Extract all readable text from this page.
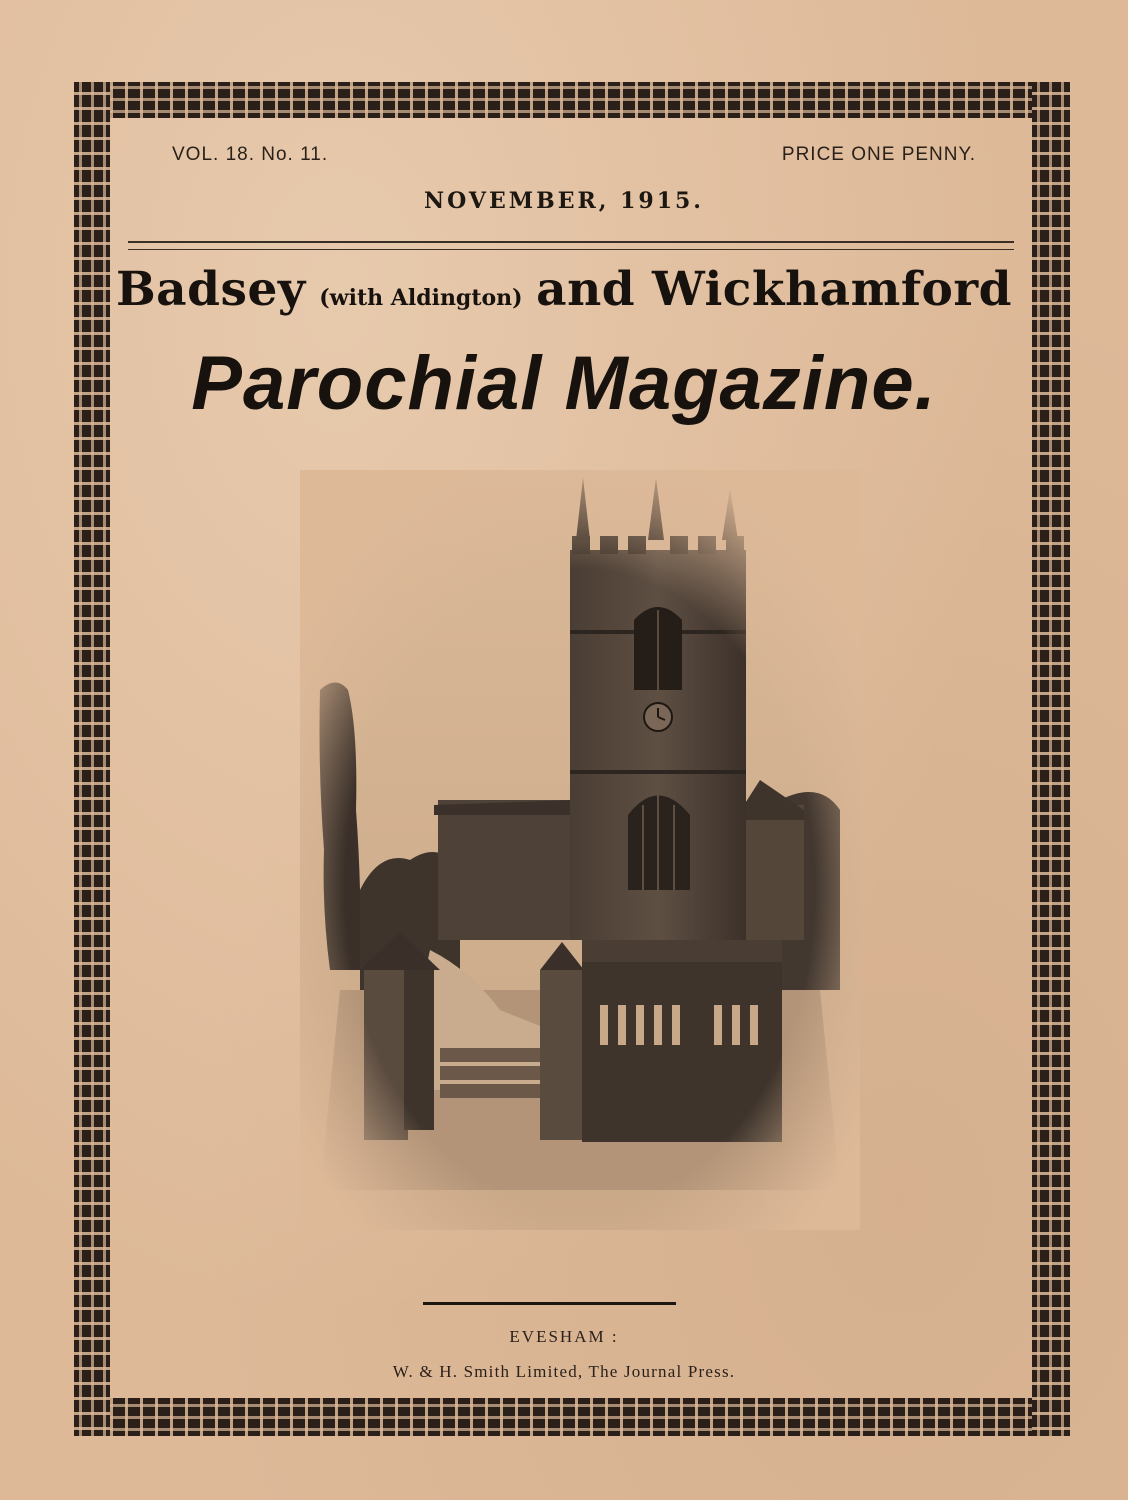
VOL. 18. No. 11.	PRICE ONE PENNY.
NOVEMBER, 1915.
Badsey (with Aldington) and Wickhamford
Parochial Magazine.
EVESHAM :
W. & H. Smith Limited, The Journal Press.
